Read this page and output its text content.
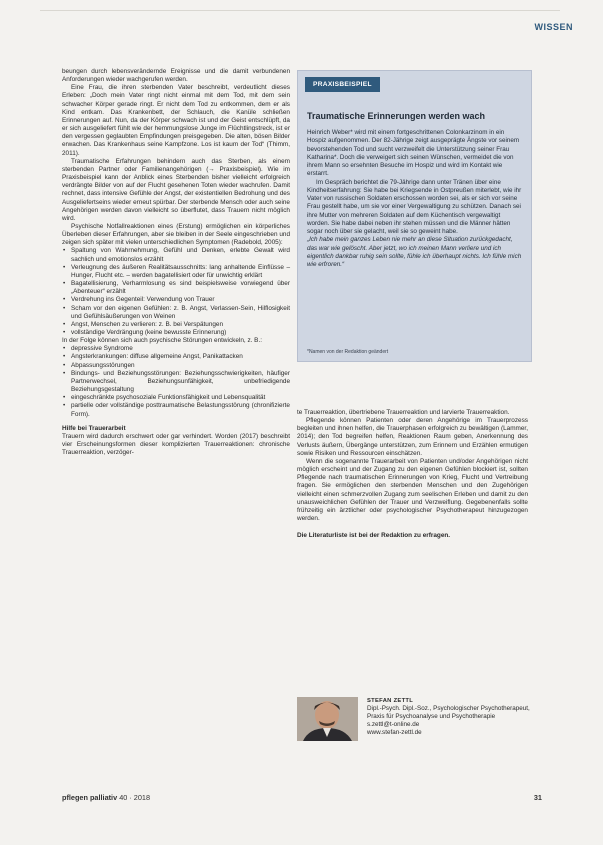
WISSEN

beungen durch lebensverändernde Ereignisse und die damit verbundenen Anforderungen wieder wachgerufen werden.

Eine Frau, die ihren sterbenden Vater beschreibt, verdeutlicht dieses Erleben: „Doch mein Vater ringt nicht einmal mit dem Tod, mit dem sein schwacher Körper gerade ringt. Er nicht dem Tod zu entkommen, dem er als Kind entkam. Das Krankenbett, der Schlauch, die Kanüle schließen Erinnerungen auf. Nun, da der Körper schwach ist und der Geist entschlüpft, da er sich ausgeliefert fühlt wie der hemmungslose Junge im Flüchtlingstreck, ist er den vergessen geglaubten Empfindungen preisgegeben. Die alten, bösen Bilder erwachen. Das Krankenhaus seine Kampfzone. Los ist kaum der Tod“ (Thimm, 2011).

Traumatische Erfahrungen behindern auch das Sterben, als einem sterbenden Partner oder Familienangehörigen (→ Praxisbeispiel). Wie im Praxisbeispiel kann der Anblick eines Sterbenden bisher vielleicht erfolgreich verdrängte Bilder von auf der Flucht gesehenen Toten wieder wachrufen. Damit rechnet, dass intensive Gefühle der Angst, der existentiellen Bedrohung und des Ausgeliefertseins wieder erneut spürbar. Der sterbende Mensch oder auch seine Angehörigen werden davon vielleicht so überflutet, dass Trauern nicht möglich wird.

Psychische Notfallreaktionen eines (Erstung) ermöglichen ein körperliches Überleben dieser Erfahrungen, aber sie bleiben in der Seele eingeschrieben und zeigen sich später mit vielen unterschiedlichen Symptomen (Radebold, 2005):

• Spaltung von Wahrnehmung, Gefühl und Denken, erlebte Gewalt wird sachlich und emotionslos erzählt
• Verleugnung des äußeren Realitätsausschnitts: lang anhaltende Einflüsse – Hunger, Flucht etc. – werden bagatellisiert oder für unwichtig erklärt
• Bagatellisierung, Verharmlosung es sind beispielsweise vorwiegend über „Abenteuer“ erzählt
• Verdrehung ins Gegenteil: Verwendung von Trauer
• Scham vor den eigenen Gefühlen: z. B. Angst, Verlassen-Sein, Hilflosigkeit und Gefühlsäußerungen von Weinen
• Angst, Menschen zu verlieren: z. B. bei Verspätungen
• vollständige Verdrängung (keine bewusste Erinnerung)

In der Folge können sich auch psychische Störungen entwickeln, z. B.:

• depressive Syndrome
• Angsterkrankungen: diffuse allgemeine Angst, Panikattacken
• Abpassungsstörungen
• Bindungs- und Beziehungsstörungen: Beziehungsschwierigkeiten, häufiger Partnerwechsel, Beziehungsunfähigkeit, unbefriedigende Beziehungsgestaltung
• eingeschränkte psychosoziale Funktionsfähigkeit und Lebensqualität
• partielle oder vollständige posttraumatische Belastungsstörung (chronifizierte Form).

Hilfe bei Trauerarbeit

Trauern wird dadurch erschwert oder gar verhindert. Worden (2017) beschreibt vier Erscheinungsformen dieser komplizierten Trauerreaktionen: chronische Trauerreaktion, verzöger-

PRAXISBEISPIEL
Traumatische Erinnerungen werden wach

Heinrich Weber* wird mit einem fortgeschrittenen Colonkarzinom in ein Hospiz aufgenommen. Der 82-Jährige zeigt ausgeprägte Ängste vor seinem bevorstehenden Tod und sucht verzweifelt die Unterstützung seiner Frau Katharina*. Doch die verweigert sich seinen Wünschen, vermeidet die von ihrem Mann so ersehnten Besuche im Hospiz und wird im Kontakt wie erstarrt.

Im Gespräch berichtet die 79-Jährige dann unter Tränen über eine Kindheitserfahrung: Sie habe bei Kriegsende in Ostpreußen miterlebt, wie ihr Vater von russischen Soldaten erschossen worden sei, als er sich vor seine Frau gestellt habe, um sie vor einer Vergewaltigung zu schützen. Danach sei ihre Mutter von mehreren Soldaten auf dem Küchentisch vergewaltigt worden. Sie habe dabei neben ihr stehen müssen und die Männer hätten sogar noch über sie gelacht, weil sie so geweint habe.

„Ich habe mein ganzes Leben nie mehr an diese Situation zurückgedacht, das war wie gelöscht. Aber jetzt, wo ich meinen Mann verliere und ich eigentlich dankbar ruhig sein sollte, fühle ich überhaupt nichts. Ich fühle mich wie erfroren.“

*Namen von der Redaktion geändert

te Trauerreaktion, übertriebene Trauerreaktion und larvierte Trauerreaktion.

Pflegende können Patienten oder deren Angehörige im Trauerprozess begleiten und ihnen helfen, die Trauerphasen erfolgreich zu bewältigen (Lammer, 2014); den Tod begreifen helfen, Reaktionen Raum geben, Anerkennung des Verlusts äußern, Übergänge unterstützen, zum Erinnern und Erzählen ermutigen sowie Risiken und Ressourcen einschätzen.

Wenn die sogenannte Trauerarbeit von Patienten und/oder Angehörigen nicht möglich erscheint und der Zugang zu den eigenen Gefühlen blockiert ist, sollten Pflegende nach traumatischen Erinnerungen von Krieg, Flucht und Vertreibung fragen. Sie ermöglichen den sterbenden Menschen und den Zugehörigen vielleicht einen schmerzvollen Zugang zum seelischen Erleben und damit zu den unausweichlichen Gefühlen der Trauer und Verzweiflung. Gegebenenfalls sollte frühzeitig ein ärztlicher oder psychologischer Psychotherapeut hinzugezogen werden.

Die Literaturliste ist bei der Redaktion zu erfragen.

STEFAN ZETTL
Dipl.-Psych. Dipl.-Soz., Psychologischer Psychotherapeut, Praxis für Psychoanalyse und Psychotherapie
s.zettl@t-online.de
www.stefan-zettl.de
pflegen palliativ 40 · 2018	31
